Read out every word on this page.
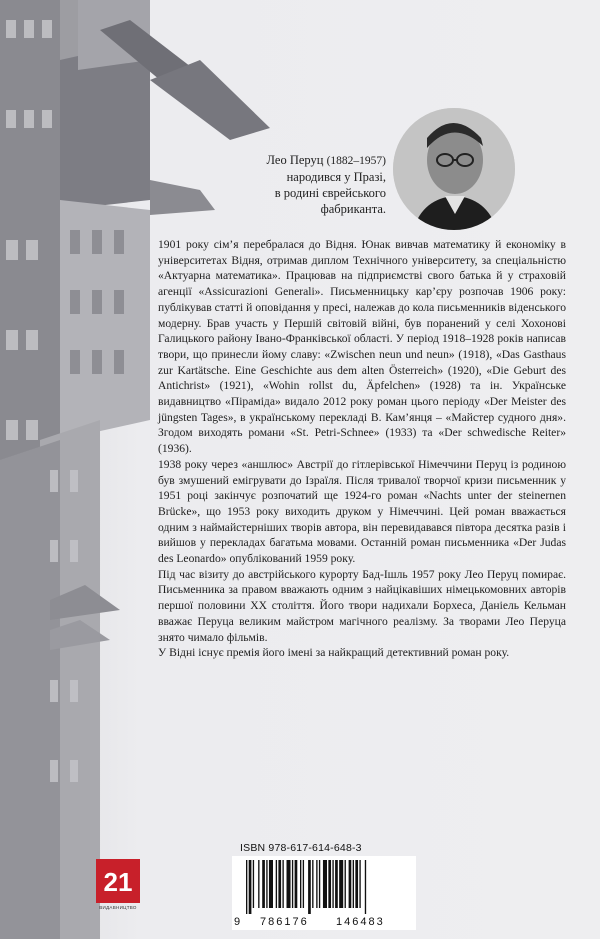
Лео Перуц (1882–1957)
народився у Празі,
в родині єврейського
фабриканта.

1901 року сім’я перебралася до Відня. Юнак вивчав математику й економіку в університетах Відня, отримав диплом Технічного університету, за спеціальністю «Актуарна математика». Працював на підприємстві свого батька й у страховій агенції «Assicurazioni Generali». Письменницьку кар’єру розпочав 1906 року: публікував статті й оповідання у пресі, належав до кола письменників віденського модерну. Брав участь у Першій світовій війні, був поранений у селі Хохонові Галицького району Івано-Франківської області. У період 1918–1928 років написав твори, що принесли йому славу: «Zwischen neun und neun» (1918), «Das Gasthaus zur Kartätsche. Eine Geschichte aus dem alten Österreich» (1920), «Die Geburt des Antichrist» (1921), «Wohin rollst du, Äpfelchen» (1928) та ін. Українське видавництво «Піраміда» видало 2012 року роман цього періоду «Der Meister des jüngsten Tages», в українському перекладі В. Кам’янця – «Майстер судного дня». Згодом виходять романи «St. Petri-Schnee» (1933) та «Der schwedische Reiter» (1936).

1938 року через «аншлюс» Австрії до гітлерівської Німеччини Перуц із родиною був змушений емігрувати до Ізраїля. Після тривалої творчої кризи письменник у 1951 році закінчує розпочатий ще 1924-го роман «Nachts unter der steinernen Brücke», що 1953 року виходить друком у Німеччині. Цей роман вважається одним з наймайстерніших творів автора, він перевидавався півтора десятка разів і вийшов у перекладах багатьма мовами. Останній роман письменника «Der Judas des Leonardo» опублікований 1959 року.

Під час візиту до австрійського курорту Бад-Ішль 1957 року Лео Перуц помирає. Письменника за правом вважають одним з найцікавіших німецькомовних авторів першої половини ХХ століття. Його твори надихали Борхеса, Даніель Кельман вважає Перуца великим майстром магічного реалізму. За творами Лео Перуца знято чимало фільмів.

У Відні існує премія його імені за найкращий детективний роман року.

21
ВИДАВНИЦТВО
ISBN 978-617-614-648-3
9 786176 146483
